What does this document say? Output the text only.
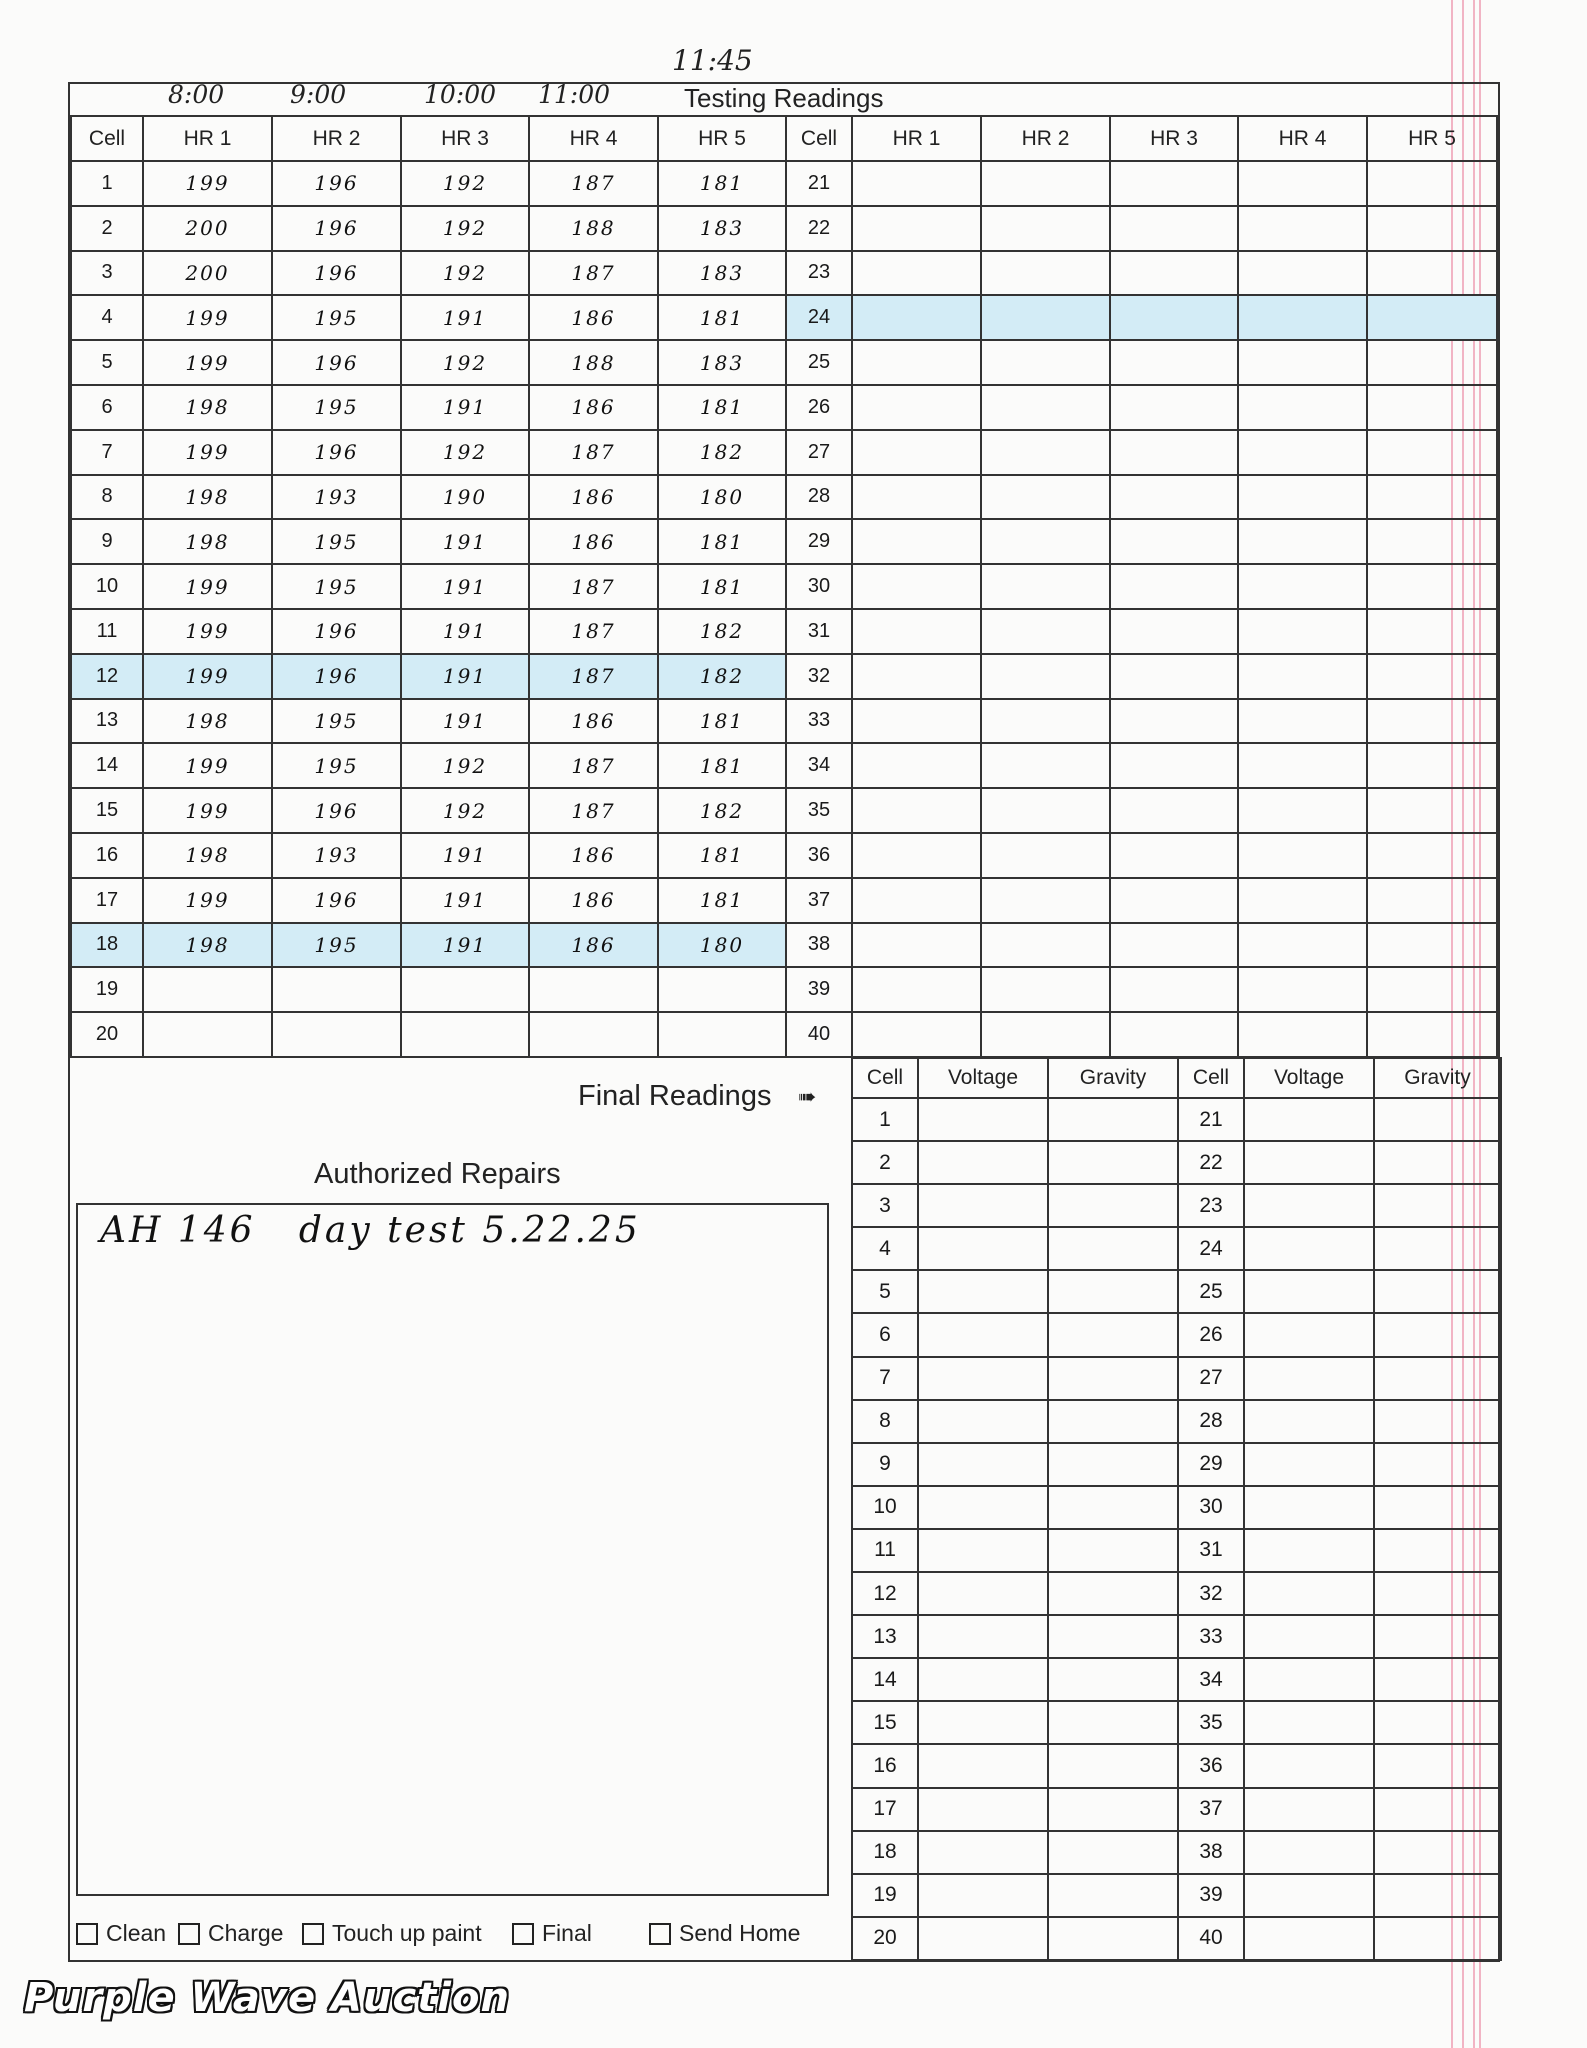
11:45
8:00	9:00	10:00 11:00	Testing Readings
Cell	HR 1	HR 2	HR 3	HR 4	HR 5	Cell	HR 1	HR 2	HR 3	HR 4	HR 5
1	199	196	192	187	181	21					
2	200	196	192	188	183	22					
3	200	196	192	187	183	23					
4	199	195	191	186	181	24					
5	199	196	192	188	183	25					
6	198	195	191	186	181	26					
7	199	196	192	187	182	27					
8	198	193	190	186	180	28					
9	198	195	191	186	181	29					
10	199	195	191	187	181	30					
11	199	196	191	187	182	31					
12	199	196	191	187	182	32					
13	198	195	191	186	181	33					
14	199	195	192	187	181	34					
15	199	196	192	187	182	35					
16	198	193	191	186	181	36					
17	199	196	191	186	181	37					
18	198	195	191	186	180	38					
19						39					
20						40					
Final Readings ➠
Cell	Voltage	Gravity	Cell	Voltage	Gravity
1			21		
2			22		
3			23		
4			24		
5			25		
6			26		
7			27		
8			28		
9			29		
10			30		
11			31		
12			32		
13			33		
14			34		
15			35		
16			36		
17			37		
18			38		
19			39		
20			40		
Authorized Repairs
AH 146   day test 5.22.25
Clean Charge Touch up paint	Final	Send Home
Purple Wave Auction
